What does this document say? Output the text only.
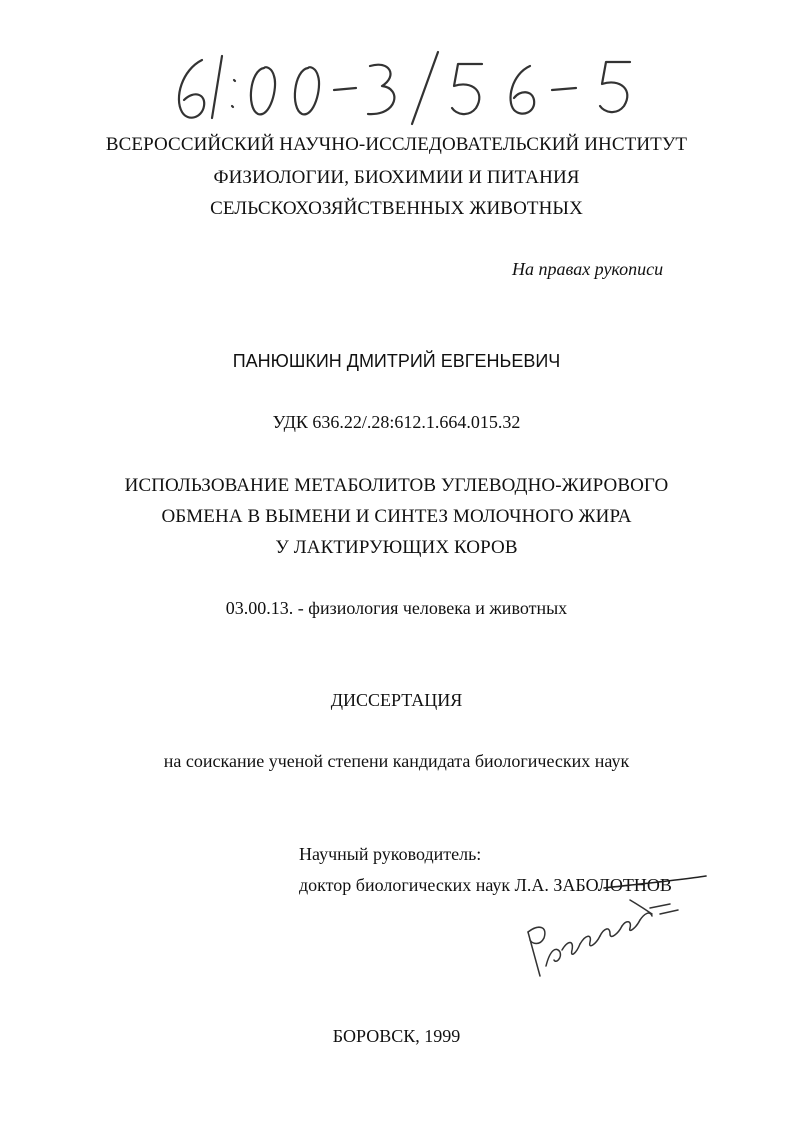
ВСЕРОССИЙСКИЙ НАУЧНО-ИССЛЕДОВАТЕЛЬСКИЙ ИНСТИТУТ
ФИЗИОЛОГИИ, БИОХИМИИ И ПИТАНИЯ
СЕЛЬСКОХОЗЯЙСТВЕННЫХ ЖИВОТНЫХ
На правах рукописи
ПАНЮШКИН ДМИТРИЙ ЕВГЕНЬЕВИЧ
УДК 636.22/.28:612.1.664.015.32
ИСПОЛЬЗОВАНИЕ МЕТАБОЛИТОВ УГЛЕВОДНО-ЖИРОВОГО
ОБМЕНА В ВЫМЕНИ И СИНТЕЗ МОЛОЧНОГО ЖИРА
У ЛАКТИРУЮЩИХ КОРОВ
03.00.13. - физиология человека и животных
ДИССЕРТАЦИЯ
на соискание ученой степени кандидата биологических наук
Научный руководитель:
доктор биологических наук Л.А. ЗАБОЛОТНОВ
БОРОВСК, 1999
